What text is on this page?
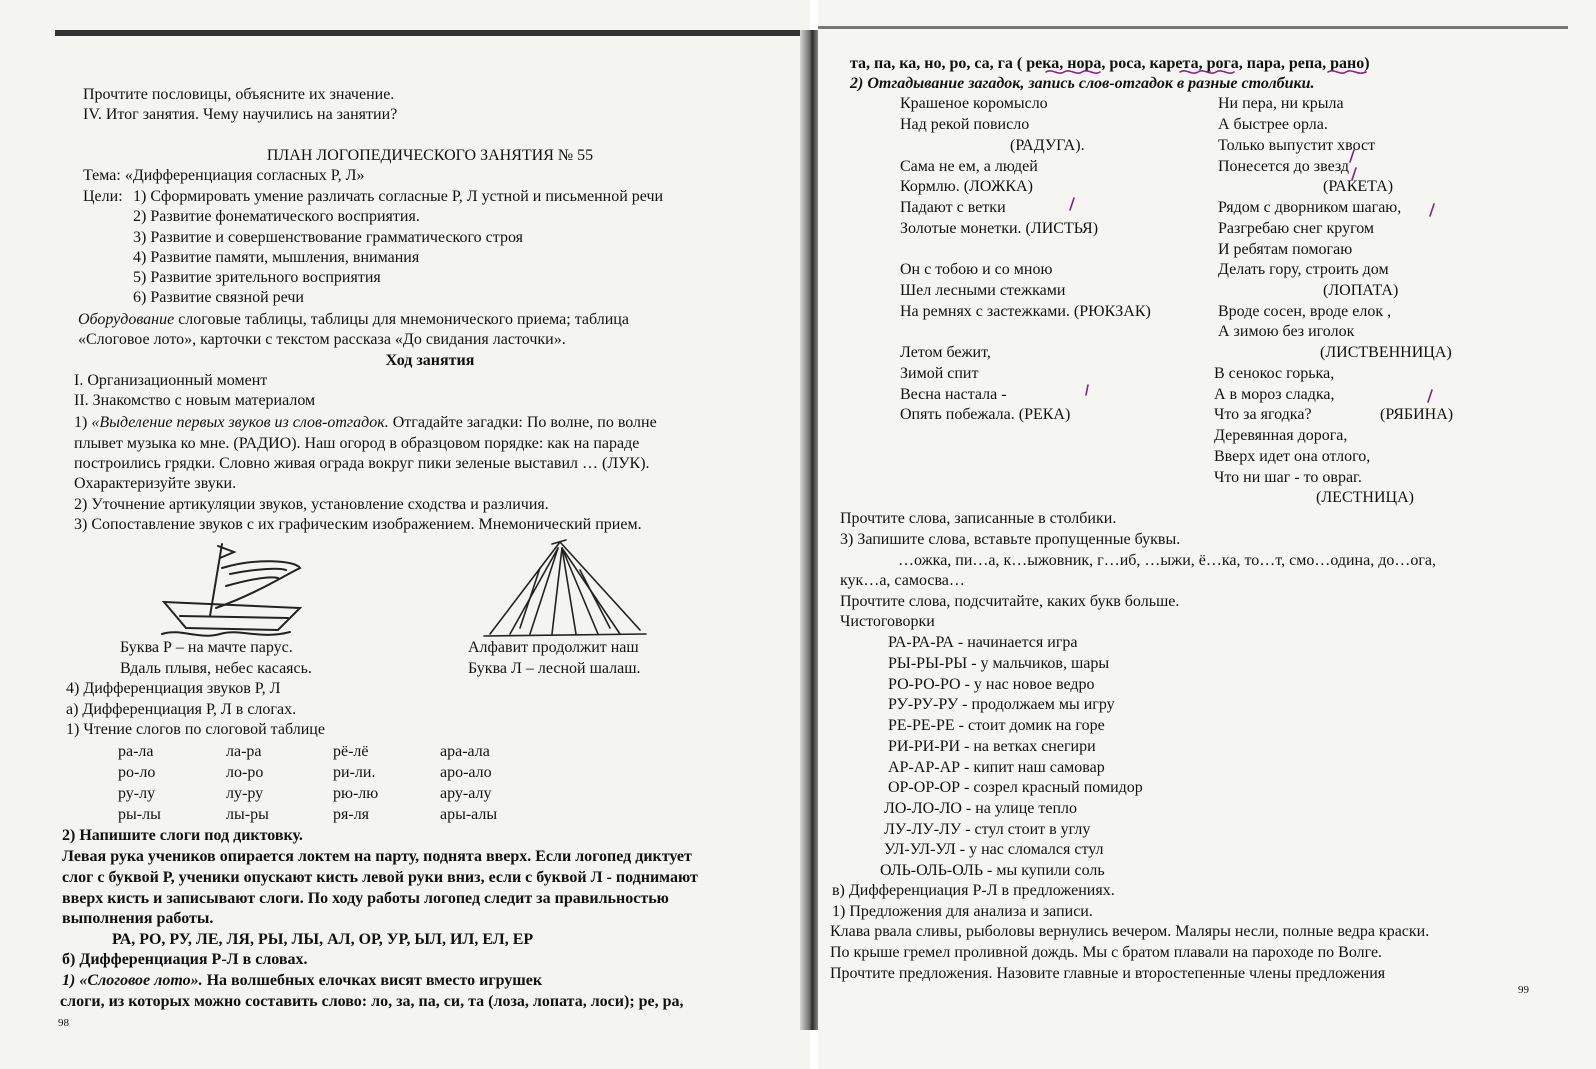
Прочтите пословицы, объясните их значение.
IV. Итог занятия. Чему научились на занятии?
ПЛАН ЛОГОПЕДИЧЕСКОГО ЗАНЯТИЯ № 55
Тема: «Дифференциация согласных Р, Л»
Цели: 1) Сформировать умение различать согласные Р, Л устной и письменной речи
2) Развитие фонематического восприятия.
3) Развитие и совершенствование грамматического строя
4) Развитие памяти, мышления, внимания
5) Развитие зрительного восприятия
6) Развитие связной речи
Оборудование слоговые таблицы, таблицы для мнемонического приема; таблица
«Слоговое лото», карточки с текстом рассказа «До свидания ласточки».
Ход занятия
I. Организационный момент
II. Знакомство с новым материалом
1) «Выделение первых звуков из слов-отгадок. Отгадайте загадки: По волне, по волне
плывет музыка ко мне. (РАДИО). Наш огород в образцовом порядке: как на параде
построились грядки. Словно живая ограда вокруг пики зеленые выставил … (ЛУК).
Охарактеризуйте звуки.
2) Уточнение артикуляции звуков, установление сходства и различия.
3) Сопоставление звуков с их графическим изображением. Мнемонический прием.
Буква Р – на мачте парус.
Вдаль плывя, небес касаясь.
Алфавит продолжит наш
Буква Л – лесной шалаш.
4) Дифференциация звуков Р, Л
а) Дифференциация Р, Л в слогах.
1) Чтение слогов по слоговой таблице
ра-ла	ла-ра	рё-лё	ара-ала
ро-ло	ло-ро	ри-ли.	аро-ало
ру-лу	лу-ру	рю-лю	ару-алу
ры-лы	лы-ры	ря-ля	ары-алы
2) Напишите слоги под диктовку.
Левая рука учеников опирается локтем на парту, поднята вверх. Если логопед диктует
слог с буквой Р, ученики опускают кисть левой руки вниз, если с буквой Л - поднимают
вверх кисть и записывают слоги. По ходу работы логопед следит за правильностью
выполнения работы.
РА, РО, РУ, ЛЕ, ЛЯ, РЫ, ЛЫ, АЛ, ОР, УР, ЫЛ, ИЛ, ЕЛ, ЕР
б) Дифференциация Р-Л в словах.
1) «Слоговое лото». На волшебных елочках висят вместо игрушек
слоги, из которых можно составить слово: ло, за, па, си, та (лоза, лопата, лоси); ре, ра,
98
та, па, ка, но, ро, са, га ( река, нора, роса, карета, рога, пара, репа, рано)
2) Отгадывание загадок, запись слов-отгадок в разные столбики.
Крашеное коромысло
Над рекой повисло
(РАДУГА).
Сама не ем, а людей
Кормлю. (ЛОЖКА)
Падают с ветки
Золотые монетки. (ЛИСТЬЯ)
Он с тобою и со мною
Шел лесными стежками
На ремнях с застежками. (РЮКЗАК)
Летом бежит,
Зимой спит
Весна настала -
Опять побежала. (РЕКА)
Ни пера, ни крыла
А быстрее орла.
Только выпустит хвост
Понесется до звезд
(РАКЕТА)
Рядом с дворником шагаю,
Разгребаю снег кругом
И ребятам помогаю
Делать гору, строить дом
(ЛОПАТА)
Вроде сосен, вроде елок ,
А зимою без иголок
(ЛИСТВЕННИЦА)
В сенокос горька,
А в мороз сладка,
Что за ягодка?	(РЯБИНА)
Деревянная дорога,
Вверх идет она отлого,
Что ни шаг - то овраг.
(ЛЕСТНИЦА)
Прочтите слова, записанные в столбики.
3) Запишите слова, вставьте пропущенные буквы.
…ожка, пи…а, к…ыжовник, г…иб, …ыжи, ё…ка, то…т, смо…одина, до…ога,
кук…а, самосва…
Прочтите слова, подсчитайте, каких букв больше.
Чистоговорки
РА-РА-РА - начинается игра
РЫ-РЫ-РЫ - у мальчиков, шары
РО-РО-РО - у нас новое ведро
РУ-РУ-РУ - продолжаем мы игру
РЕ-РЕ-РЕ - стоит домик на горе
РИ-РИ-РИ - на ветках снегири
АР-АР-АР - кипит наш самовар
ОР-ОР-ОР - созрел красный помидор
ЛО-ЛО-ЛО - на улице тепло
ЛУ-ЛУ-ЛУ - стул стоит в углу
УЛ-УЛ-УЛ - у нас сломался стул
ОЛЬ-ОЛЬ-ОЛЬ - мы купили соль
в) Дифференциация Р-Л в предложениях.
1) Предложения для анализа и записи.
Клава рвала сливы, рыболовы вернулись вечером. Маляры несли, полные ведра краски.
По крыше гремел проливной дождь. Мы с братом плавали на пароходе по Волге.
Прочтите предложения. Назовите главные и второстепенные члены предложения
99
